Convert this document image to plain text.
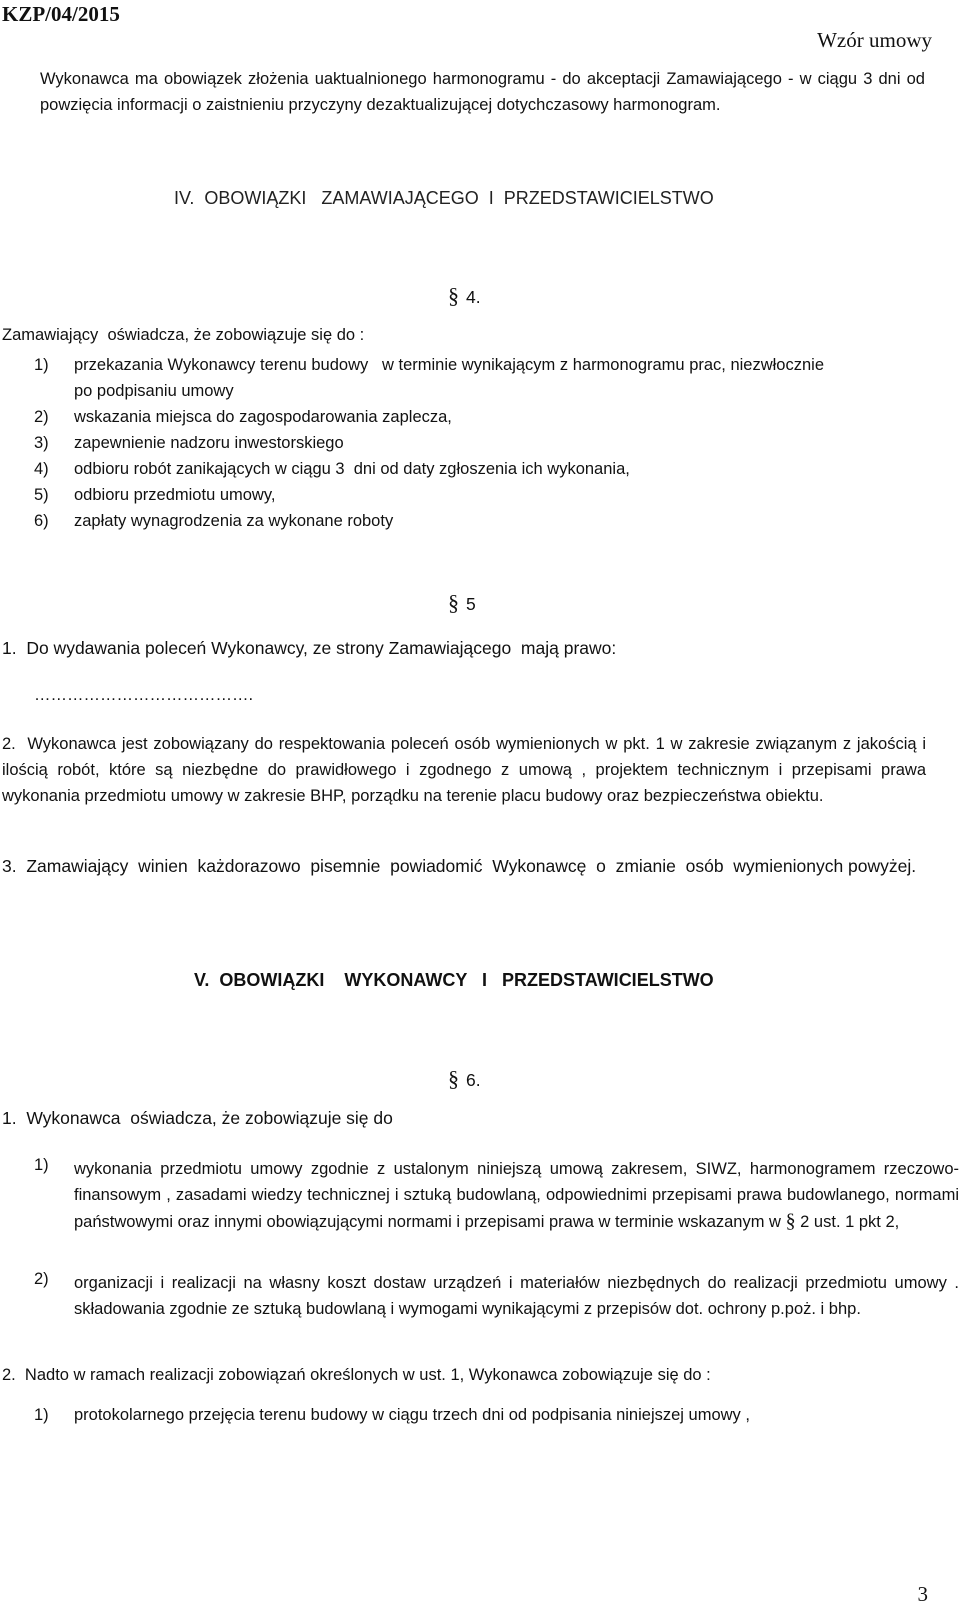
KZP/04/2015
Wzór umowy
Wykonawca ma obowiązek złożenia uaktualnionego harmonogramu - do akceptacji Zamawiającego - w ciągu 3 dni od powzięcia informacji o zaistnieniu przyczyny dezaktualizującej dotychczasowy harmonogram.
IV.  OBOWIĄZKI   ZAMAWIAJĄCEGO  I  PRZEDSTAWICIELSTWO
§ 4.
Zamawiający  oświadcza, że zobowiązuje się do :
1) przekazania Wykonawcy terenu budowy   w terminie wynikającym z harmonogramu prac, niezwłocznie
po podpisaniu umowy
2) wskazania miejsca do zagospodarowania zaplecza,
3) zapewnienie nadzoru inwestorskiego
4) odbioru robót zanikających w ciągu 3  dni od daty zgłoszenia ich wykonania,
5) odbioru przedmiotu umowy,
6) zapłaty wynagrodzenia za wykonane roboty
§ 5
1.  Do wydawania poleceń Wykonawcy, ze strony Zamawiającego  mają prawo:
………………………………….
2.  Wykonawca jest zobowiązany do respektowania poleceń osób wymienionych w pkt. 1 w zakresie związanym z jakością i ilością robót, które są niezbędne do prawidłowego i zgodnego z umową , projektem technicznym i przepisami prawa wykonania przedmiotu umowy w zakresie BHP, porządku na terenie placu budowy oraz bezpieczeństwa obiektu.
3.  Zamawiający  winien  każdorazowo  pisemnie  powiadomić  Wykonawcę  o  zmianie  osób  wymienionych powyżej.
V.  OBOWIĄZKI    WYKONAWCY   I   PRZEDSTAWICIELSTWO
§ 6.
1.  Wykonawca  oświadcza, że zobowiązuje się do
1) wykonania przedmiotu umowy zgodnie z ustalonym niniejszą umową zakresem, SIWZ, harmonogramem rzeczowo-finansowym , zasadami wiedzy technicznej i sztuką budowlaną, odpowiednimi przepisami prawa budowlanego, normami państwowymi oraz innymi obowiązującymi normami i przepisami prawa w terminie wskazanym w § 2 ust. 1 pkt 2,
2) organizacji i realizacji na własny koszt dostaw urządzeń i materiałów niezbędnych do realizacji przedmiotu umowy . składowania zgodnie ze sztuką budowlaną i wymogami wynikającymi z przepisów dot. ochrony p.poż. i bhp.
2.  Nadto w ramach realizacji zobowiązań określonych w ust. 1, Wykonawca zobowiązuje się do :
1) protokolarnego przejęcia terenu budowy w ciągu trzech dni od podpisania niniejszej umowy ,
3
